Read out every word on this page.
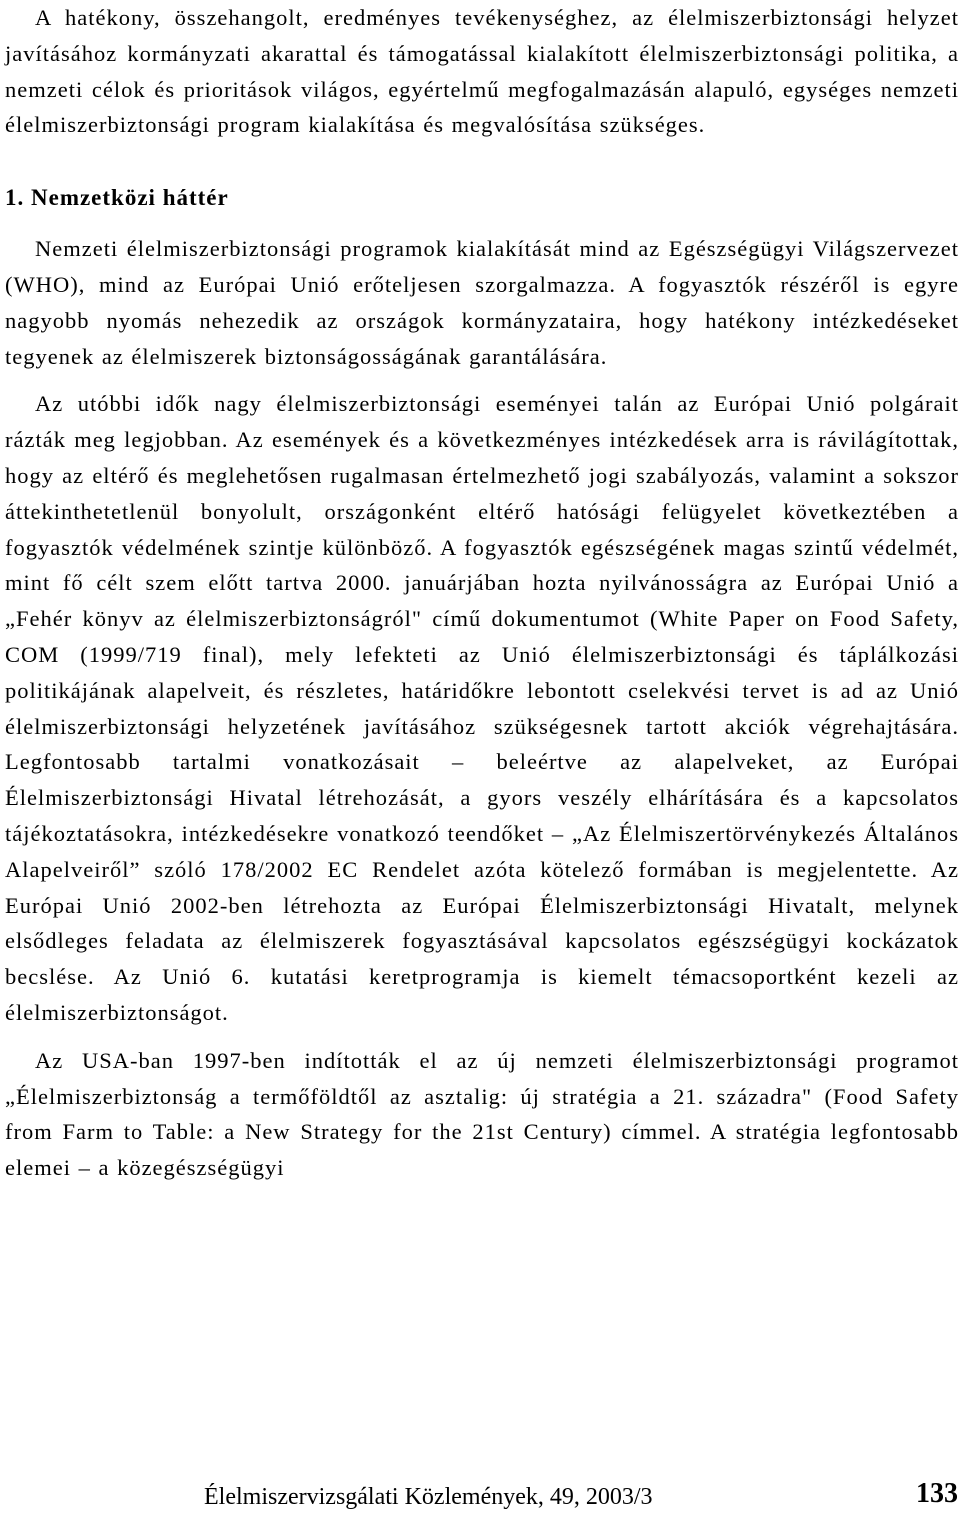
A hatékony, összehangolt, eredményes tevékenységhez, az élelmiszerbiztonsági helyzet javításához kormányzati akarattal és támogatással kialakított élelmiszerbiztonsági politika, a nemzeti célok és prioritások világos, egyértelmű megfogalmazásán alapuló, egységes nemzeti élelmiszerbiztonsági program kialakítása és megvalósítása szükséges.

1. Nemzetközi háttér

Nemzeti élelmiszerbiztonsági programok kialakítását mind az Egészségügyi Világszervezet (WHO), mind az Európai Unió erőteljesen szorgalmazza. A fogyasztók részéről is egyre nagyobb nyomás nehezedik az országok kormányzataira, hogy hatékony intézkedéseket tegyenek az élelmiszerek biztonságosságának garantálására.

Az utóbbi idők nagy élelmiszerbiztonsági eseményei talán az Európai Unió polgárait rázták meg legjobban. Az események és a következményes intézkedések arra is rávilágítottak, hogy az eltérő és meglehetősen rugalmasan értelmezhető jogi szabályozás, valamint a sokszor áttekinthetetlenül bonyolult, országonként eltérő hatósági felügyelet következtében a fogyasztók védelmének szintje különböző. A fogyasztók egészségének magas szintű védelmét, mint fő célt szem előtt tartva 2000. januárjában hozta nyilvánosságra az Európai Unió a „Fehér könyv az élelmiszerbiztonságról" című dokumentumot (White Paper on Food Safety, COM (1999/719 final), mely lefekteti az Unió élelmiszerbiztonsági és táplálkozási politikájának alapelveit, és részletes, határidőkre lebontott cselekvési tervet is ad az Unió élelmiszerbiztonsági helyzetének javításához szükségesnek tartott akciók végrehajtására. Legfontosabb tartalmi vonatkozásait – beleértve az alapelveket, az Európai Élelmiszerbiztonsági Hivatal létrehozását, a gyors veszély elhárítására és a kapcsolatos tájékoztatásokra, intézkedésekre vonatkozó teendőket – „Az Élelmiszertörvénykezés Általános Alapelveiről” szóló 178/2002 EC Rendelet azóta kötelező formában is megjelentette. Az Európai Unió 2002-ben létrehozta az Európai Élelmiszerbiztonsági Hivatalt, melynek elsődleges feladata az élelmiszerek fogyasztásával kapcsolatos egészségügyi kockázatok becslése. Az Unió 6. kutatási keretprogramja is kiemelt témacsoportként kezeli az élelmiszerbiztonságot.

Az USA-ban 1997-ben indították el az új nemzeti élelmiszerbiztonsági programot „Élelmiszerbiztonság a termőföldtől az asztalig: új stratégia a 21. századra" (Food Safety from Farm to Table: a New Strategy for the 21st Century) címmel. A stratégia legfontosabb elemei – a közegészségügyi

Élelmiszervizsgálati Közlemények, 49, 2003/3	133
